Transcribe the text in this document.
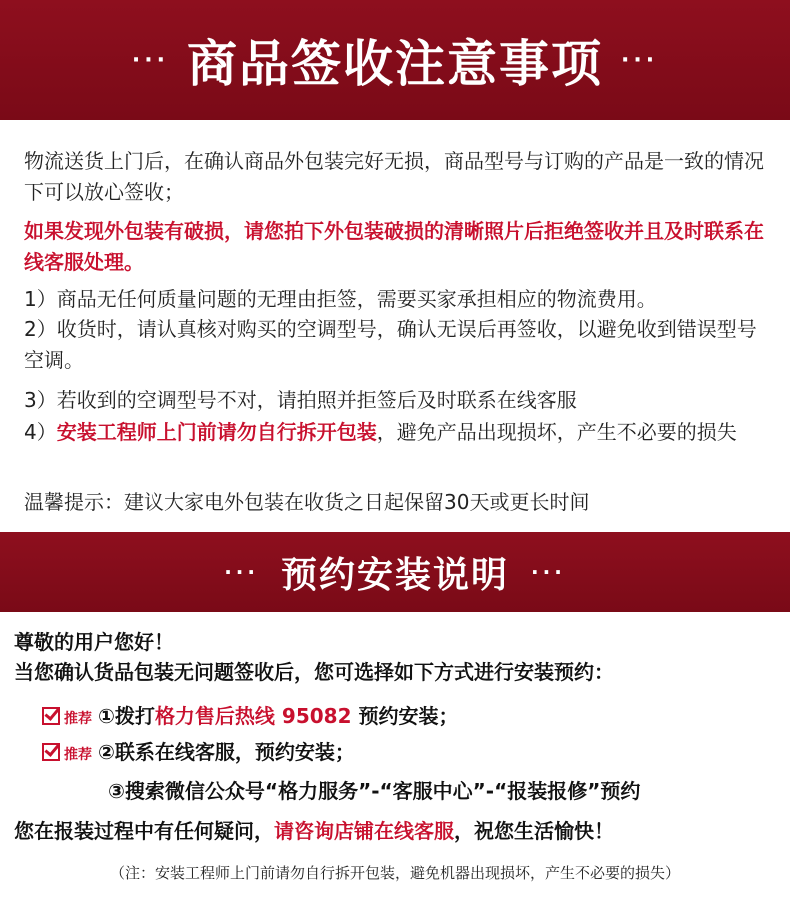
··· 商品签收注意事项 ···
物流送货上门后，在确认商品外包装完好无损，商品型号与订购的产品是一致的情况下可以放心签收；
如果发现外包装有破损，请您拍下外包装破损的清晰照片后拒绝签收并且及时联系在线客服处理。
1）商品无任何质量问题的无理由拒签，需要买家承担相应的物流费用。
2）收货时，请认真核对购买的空调型号，确认无误后再签收，以避免收到错误型号空调。
3）若收到的空调型号不对，请拍照并拒签后及时联系在线客服
4）安装工程师上门前请勿自行拆开包装，避免产品出现损坏，产生不必要的损失
温馨提示：建议大家电外包装在收货之日起保留30天或更长时间
··· 预约安装说明 ···
尊敬的用户您好！
当您确认货品包装无问题签收后，您可选择如下方式进行安装预约：
推荐 ①拨打格力售后热线 95082 预约安装；
推荐 ②联系在线客服，预约安装；
③搜索微信公众号“格力服务”-“客服中心”-“报装报修”预约
您在报装过程中有任何疑问，请咨询店铺在线客服，祝您生活愉快！
（注：安装工程师上门前请勿自行拆开包装，避免机器出现损坏，产生不必要的损失）
